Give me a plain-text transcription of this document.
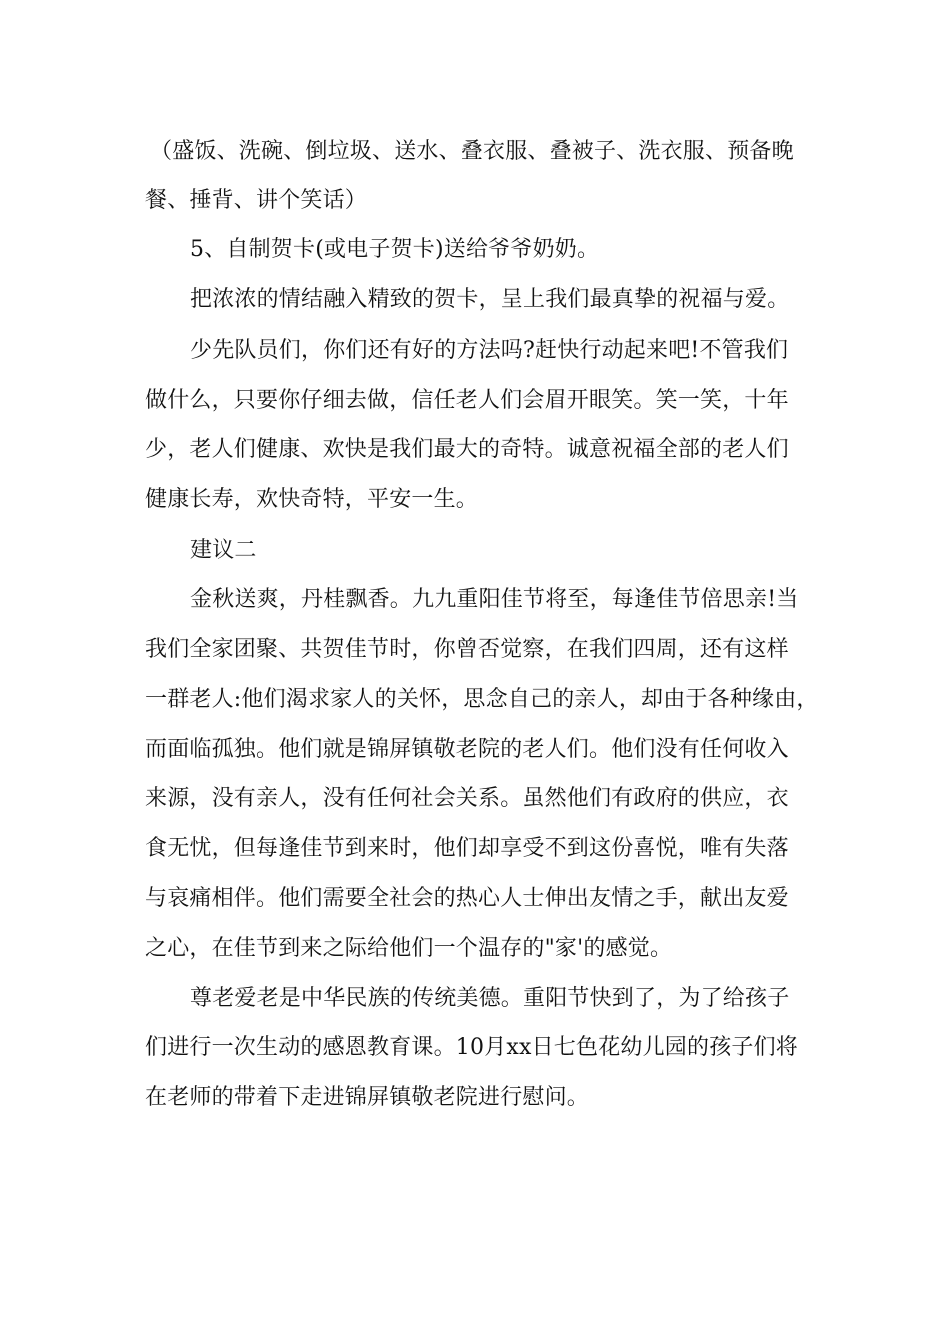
（盛饭、洗碗、倒垃圾、送水、叠衣服、叠被子、洗衣服、预备晚
餐、捶背、讲个笑话）
5、自制贺卡(或电子贺卡)送给爷爷奶奶。
把浓浓的情结融入精致的贺卡，呈上我们最真挚的祝福与爱。
少先队员们，你们还有好的方法吗?赶快行动起来吧!不管我们
做什么，只要你仔细去做，信任老人们会眉开眼笑。笑一笑，十年
少，老人们健康、欢快是我们最大的奇特。诚意祝福全部的老人们
健康长寿，欢快奇特，平安一生。
建议二
金秋送爽，丹桂飘香。九九重阳佳节将至，每逢佳节倍思亲!当
我们全家团聚、共贺佳节时，你曾否觉察，在我们四周，还有这样
一群老人:他们渴求家人的关怀，思念自己的亲人，却由于各种缘由，
而面临孤独。他们就是锦屏镇敬老院的老人们。他们没有任何收入
来源，没有亲人，没有任何社会关系。虽然他们有政府的供应，衣
食无忧，但每逢佳节到来时，他们却享受不到这份喜悦，唯有失落
与哀痛相伴。他们需要全社会的热心人士伸出友情之手，献出友爱
之心，在佳节到来之际给他们一个温存的"家'的感觉。
尊老爱老是中华民族的传统美德。重阳节快到了，为了给孩子
们进行一次生动的感恩教育课。10月xx日七色花幼儿园的孩子们将
在老师的带着下走进锦屏镇敬老院进行慰问。
